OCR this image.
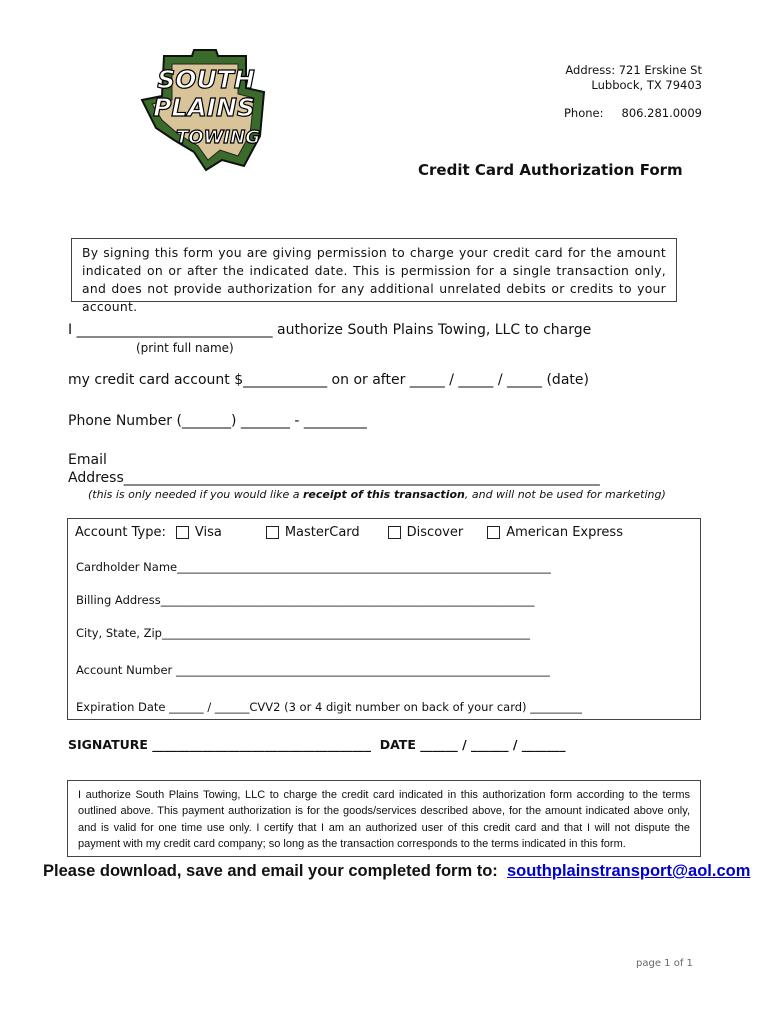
SOUTH
PLAINS
TOWING
Address: 721 Erskine St
Lubbock, TX 79403
Phone: 806.281.0009
Credit Card Authorization Form
By signing this form you are giving permission to charge your credit card for the amount indicated on or after the indicated date. This is permission for a single transaction only, and does not provide authorization for any additional unrelated debits or credits to your account.
I ____________________________ authorize South Plains Towing, LLC to charge
(print full name)
my credit card account $____________ on or after _____ / _____ / _____ (date)
Phone Number (_______) _______ - _________
Email
Address____________________________________________________________________
(this is only needed if you would like a receipt of this transaction, and will not be used for marketing)
Account Type: Visa	MasterCard	Discover	American Express
Cardholder Name_________________________________________________________________
Billing Address_________________________________________________________________
City, State, Zip________________________________________________________________
Account Number _________________________________________________________________
Expiration Date ______ / ______CVV2 (3 or 4 digit number on back of your card) _________
SIGNATURE ___________________________________  DATE ______ / ______ / _______
I authorize South Plains Towing, LLC to charge the credit card indicated in this authorization form according to the terms outlined above. This payment authorization is for the goods/services described above, for the amount indicated above only, and is valid for one time use only. I certify that I am an authorized user of this credit card and that I will not dispute the payment with my credit card company; so long as the transaction corresponds to the terms indicated in this form.
Please download, save and email your completed form to: southplainstransport@aol.com
page 1 of 1
